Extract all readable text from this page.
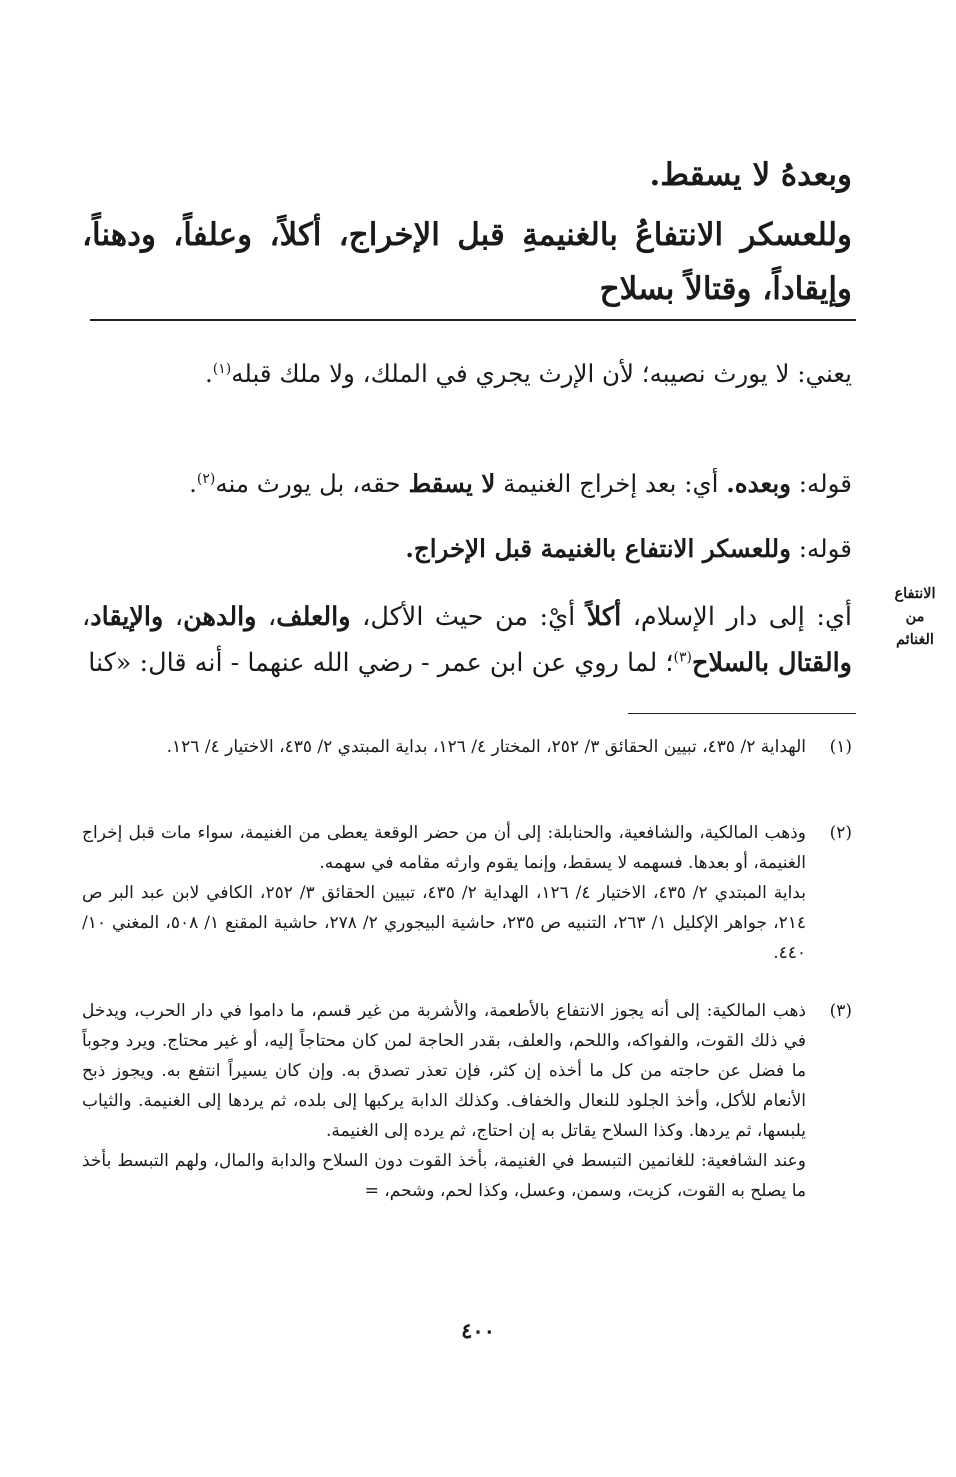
وبعدهُ لا يسقط.

وللعسكر الانتفاعُ بالغنيمةِ قبل الإخراج، أكلاً، وعلفاً، ودهناً، وإيقاداً، وقتالاً بسلاح

يعني: لا يورث نصيبه؛ لأن الإرث يجري في الملك، ولا ملك قبله$^{(١)}$.

قوله: وبعده. أي: بعد إخراج الغنيمة لا يسقط حقه، بل يورث منه$^{(٢)}$.

قوله: وللعسكر الانتفاع بالغنيمة قبل الإخراج.

أي: إلى دار الإسلام، أكلاً أيْ: من حيث الأكل، والعلف، والدهن، والإيقاد، والقتال بالسلاح$^{(٣)}$؛ لما روي عن ابن عمر - رضي الله عنهما - أنه قال: «كنا

الانتفاع
من
الغنائم
(١)
الهداية ٢/ ٤٣٥، تبيين الحقائق ٣/ ٢٥٢، المختار ٤/ ١٢٦، بداية المبتدي ٢/ ٤٣٥، الاختيار ٤/ ١٢٦.
(٢)
وذهب المالكية، والشافعية، والحنابلة: إلى أن من حضر الوقعة يعطى من الغنيمة، سواء مات قبل إخراج الغنيمة، أو بعدها. فسهمه لا يسقط، وإنما يقوم وارثه مقامه في سهمه.
بداية المبتدي ٢/ ٤٣٥، الاختيار ٤/ ١٢٦، الهداية ٢/ ٤٣٥، تبيين الحقائق ٣/ ٢٥٢، الكافي لابن عبد البر ص ٢١٤، جواهر الإكليل ١/ ٢٦٣، التنبيه ص ٢٣٥، حاشية البيجوري ٢/ ٢٧٨، حاشية المقنع ١/ ٥٠٨، المغني ١٠/ ٤٤٠.
(٣)
ذهب المالكية: إلى أنه يجوز الانتفاع بالأطعمة، والأشربة من غير قسم، ما داموا في دار الحرب، ويدخل في ذلك القوت، والفواكه، واللحم، والعلف، بقدر الحاجة لمن كان محتاجاً إليه، أو غير محتاج. ويرد وجوباً ما فضل عن حاجته من كل ما أخذه إن كثر، فإن تعذر تصدق به. وإن كان يسيراً انتفع به. ويجوز ذبح الأنعام للأكل، وأخذ الجلود للنعال والخفاف. وكذلك الدابة يركبها إلى بلده، ثم يردها إلى الغنيمة. والثياب يلبسها، ثم يردها. وكذا السلاح يقاتل به إن احتاج، ثم يرده إلى الغنيمة.
وعند الشافعية: للغانمين التبسط في الغنيمة، بأخذ القوت دون السلاح والدابة والمال، ولهم التبسط بأخذ ما يصلح به القوت، كزيت، وسمن، وعسل، وكذا لحم، وشحم، =
٤٠٠
